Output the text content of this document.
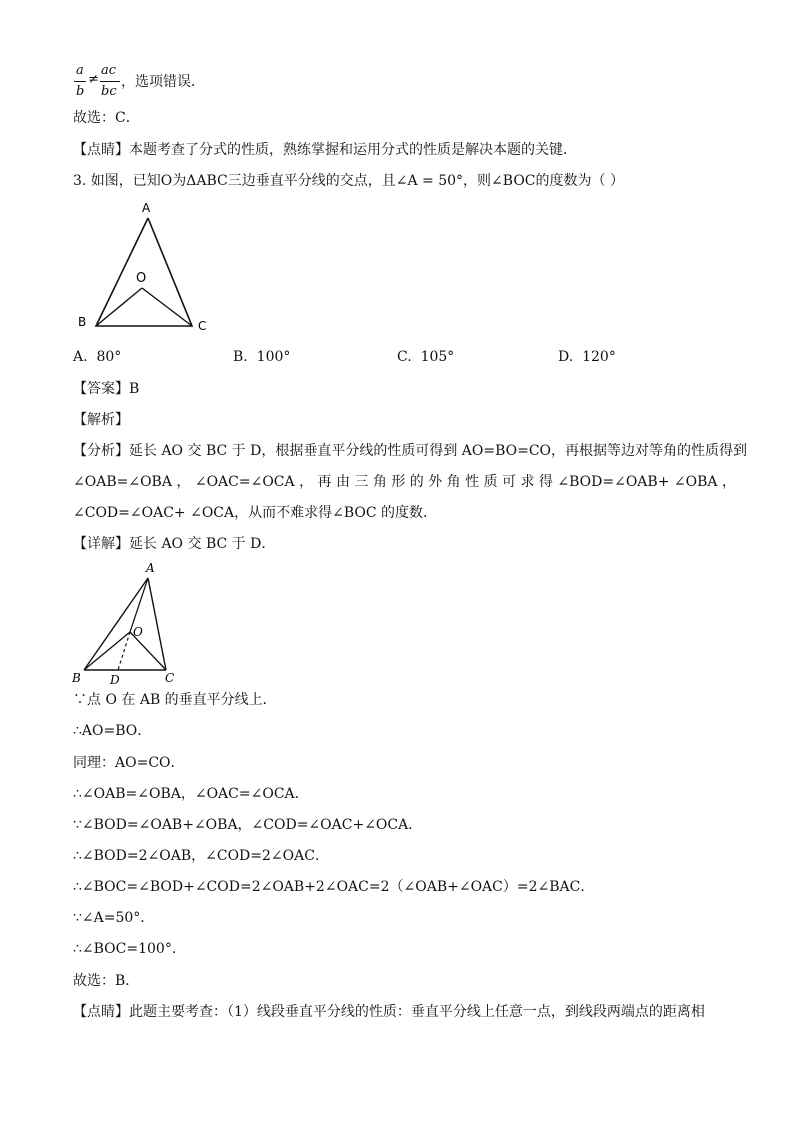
a
b
≠
ac
bc
，选项错误．
故选：C．
【点睛】本题考查了分式的性质，熟练掌握和运用分式的性质是解决本题的关键．
3. 如图，已知O为ΔABC三边垂直平分线的交点，且∠A = 50°，则∠BOC的度数为（ ）
A
O
B	C
A. 80°	B. 100°	C. 105°	D. 120°
【答案】B
【解析】
【分析】延长 AO 交 BC 于 D，根据垂直平分线的性质可得到 AO=BO=CO，再根据等边对等角的性质得到
∠OAB=∠OBA ， ∠OAC=∠OCA ， 再 由 三 角 形 的 外 角 性 质 可 求 得 ∠BOD=∠OAB+ ∠OBA ，
∠COD=∠OAC+ ∠OCA，从而不难求得∠BOC 的度数．
【详解】延长 AO 交 BC 于 D．
A
O
B D	C
∵点 O 在 AB 的垂直平分线上．
∴AO=BO．
同理：AO=CO．
∴∠OAB=∠OBA，∠OAC=∠OCA．
∵∠BOD=∠OAB+∠OBA，∠COD=∠OAC+∠OCA．
∴∠BOD=2∠OAB，∠COD=2∠OAC．
∴∠BOC=∠BOD+∠COD=2∠OAB+2∠OAC=2（∠OAB+∠OAC）=2∠BAC．
∵∠A=50°．
∴∠BOC=100°．
故选：B．
【点睛】此题主要考查：（1）线段垂直平分线的性质：垂直平分线上任意一点，到线段两端点的距离相
